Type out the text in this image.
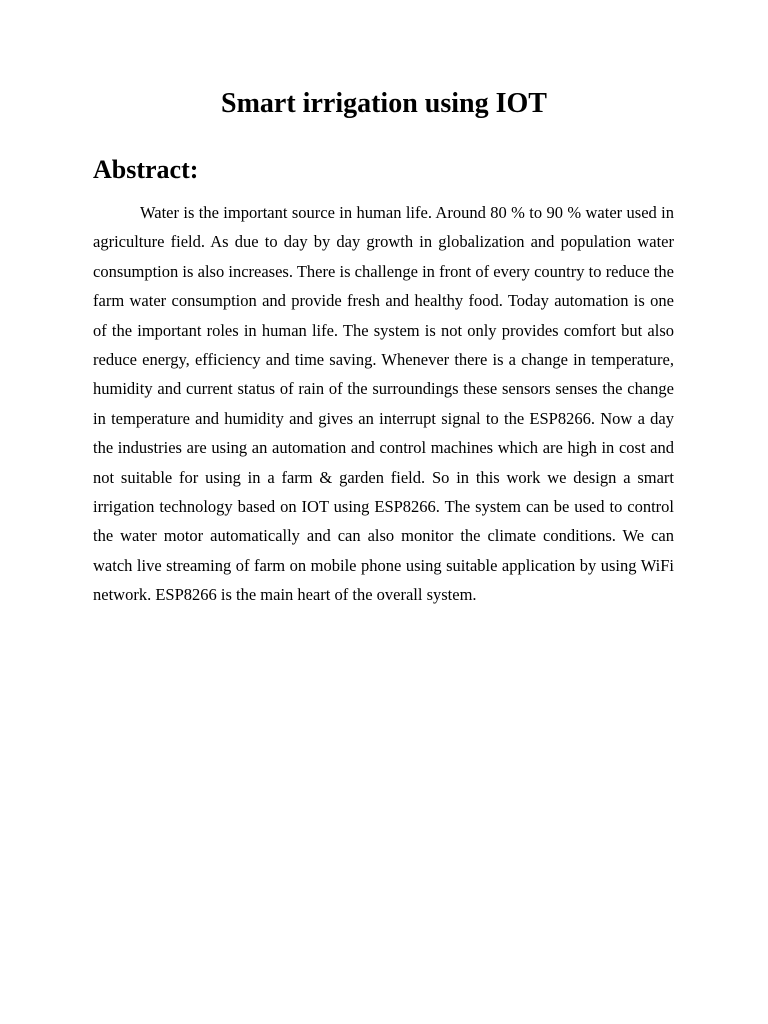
Smart irrigation using IOT
Abstract:

Water is the important source in human life. Around 80 % to 90 % water used in agriculture field. As due to day by day growth in globalization and population water consumption is also increases. There is challenge in front of every country to reduce the farm water consumption and provide fresh and healthy food. Today automation is one of the important roles in human life. The system is not only provides comfort but also reduce energy, efficiency and time saving. Whenever there is a change in temperature, humidity and current status of rain of the surroundings these sensors senses the change in temperature and humidity and gives an interrupt signal to the ESP8266. Now a day the industries are using an automation and control machines which are high in cost and not suitable for using in a farm & garden field. So in this work we design a smart irrigation technology based on IOT using ESP8266. The system can be used to control the water motor automatically and can also monitor the climate conditions. We can watch live streaming of farm on mobile phone using suitable application by using WiFi network. ESP8266 is the main heart of the overall system.
